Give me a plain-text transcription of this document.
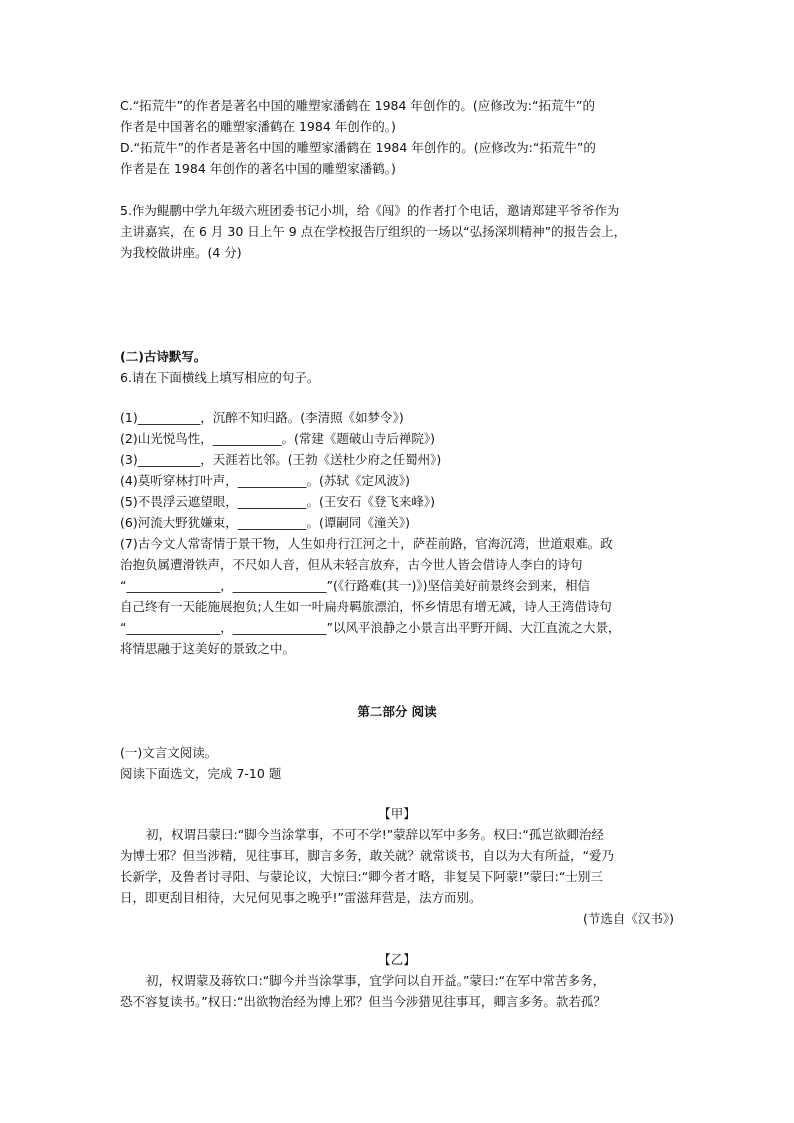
C.“拓荒牛”的作者是著名中国的雕塑家潘鹤在 1984 年创作的。(应修改为:“拓荒牛”的
作者是中国著名的雕塑家潘鹤在 1984 年创作的。)
D.“拓荒牛”的作者是著名中国的雕塑家潘鹤在 1984 年创作的。(应修改为:“拓荒牛”的
作者是在 1984 年创作的著名中国的雕塑家潘鹤。)
5.作为鲲鹏中学九年级六班团委书记小圳，给《闯》的作者打个电话，邀请郑建平爷爷作为
主讲嘉宾，在 6 月 30 日上午 9 点在学校报告厅组织的一场以“弘扬深圳精神”的报告会上，
为我校做讲座。(4 分)
(二)古诗默写。
6.请在下面横线上填写相应的句子。
(1)__________，沉醉不知归路。(李清照《如梦令》)
(2)山光悦鸟性，___________。(常建《题破山寺后禅院》)
(3)__________，天涯若比邻。(王勃《送杜少府之任蜀州》)
(4)莫听穿林打叶声，___________。(苏轼《定风波》)
(5)不畏浮云遮望眼，___________。(王安石《登飞来峰》)
(6)河流大野犹嫌束，___________。(谭嗣同《潼关》)
(7)古今文人常寄情于景干物，人生如舟行江河之十，萨茬前路，官海沉湾，世道艰难。政
治抱负属遭滑铁声，不尺如人音，但从未轻言放弃，古今世人皆会借诗人李白的诗句
“_______________，_______________”(《行路难(其一)》)坚信美好前景终会到来，相信
自己终有一天能施展抱负;人生如一叶扁舟羁旅漂泊，怀乡情思有增无减，诗人王湾借诗句
“_______________，_______________”以风平浪静之小景言出平野开阔、大江直流之大景，
将情思融于这美好的景致之中。
第二部分 阅读
(一)文言文阅读。
阅读下面选文，完成 7-10 题
【甲】
初，权谓吕蒙曰:“脚今当涂掌事，不可不学!”蒙辞以军中多务。权曰:“孤岂欲卿治经
为博士邪？但当涉精，见往事耳，脚言多务，敢关就？就常谈书，自以为大有所益，“爱乃
长新学，及鲁者讨寻阳、与蒙论议，大惊曰:“卿今者才略，非复吴下阿蒙!”蒙曰:“士别三
日，即更刮目相待，大兄何见事之晚乎!”雷滋拜营是，法方而别。
(节选自《汉书》)
【乙】
初，权谓蒙及蒋钦口:“脚今并当涂掌事，宜学问以自开益。”蒙曰:“在军中常苦多务，
恐不容复读书。”权日:“出欲物治经为博上邪？但当今涉猎见往事耳，卿言多务。款若孤？
